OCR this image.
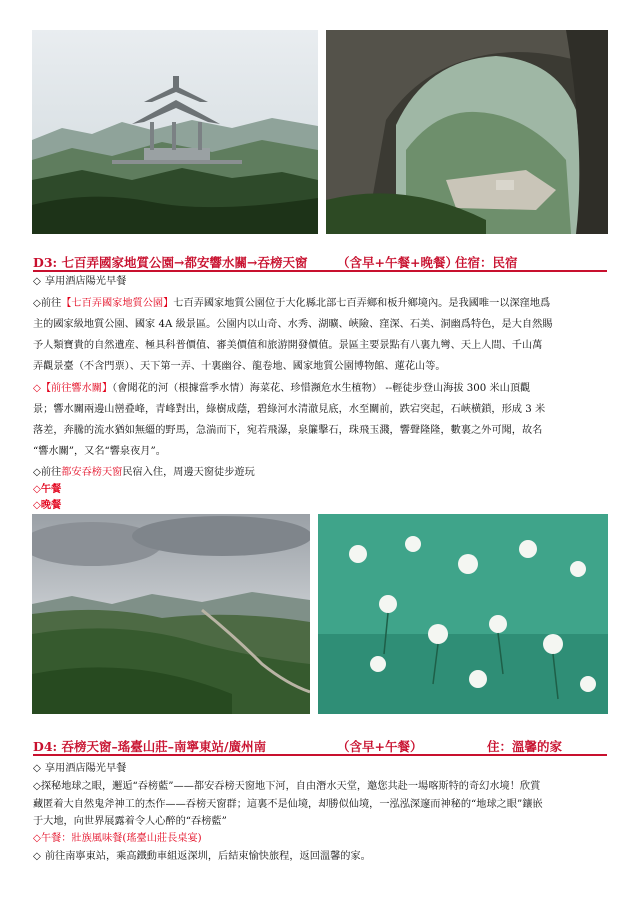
D3: 七百弄國家地質公園→都安響水關→吞榜天窗 （含早+午餐+晚餐）
住宿：民宿
◇ 享用酒店陽光早餐
◇前往【七百弄國家地質公園】七百弄國家地質公園位于大化縣北部七百弄鄉和板升鄉境內。是我國唯一以深窪地爲
主的國家級地質公園、國家 4A 級景區。公園内以山奇、水秀、湖曠、峽險、窪深、石美、洞幽爲特色，是大自然賜
予人類寶貴的自然遺産、極具科普價值、審美價值和旅游開發價值。景區主要景點有八裏九彎、天上人間、千山萬
弄觀景臺（不含門票）、天下第一弄、十裏幽谷、龍卷地、國家地質公園博物館、蓮花山等。
◇【前往響水關】（會聞花的河（根據當季水情）海菜花、珍惜瀕危水生植物） --輕徒步登山海拔 300 米山頂觀
景；響水關兩邊山巒叠峰，青峰對出，綠樹成蔭，碧綠河水清澈見底，水至關前，跌宕突起，石峽横鎖，形成 3 米
落差，奔騰的流水猶如無繮的野馬，急湍而下，宛若飛瀑，泉簾擊石，珠飛玉濺，響聲隆隆，數裏之外可聞，故名
“響水關”，又名“響泉夜月”。
◇前往都安吞榜天窗民宿入住，周邊天窗徒步遊玩
◇午餐
◇晚餐
D4: 吞榜天窗–瑤臺山莊–南寧東站/廣州南	（含早+午餐）	住：溫馨的家
◇ 享用酒店陽光早餐
◇探秘地球之眼，邂逅“吞榜藍”——都安吞榜天窗地下河，自由潛水天堂，邀您共赴一場喀斯特的奇幻水境！欣賞
藏匿着大自然鬼斧神工的杰作——吞榜天窗群；這裏不是仙境，却勝似仙境，一泓泓深邃而神秘的“地球之眼”鑲嵌
于大地，向世界展露着令人心醉的“吞榜藍”
◇午餐：壯族風味餐(瑤臺山莊長桌宴)
◇ 前往南寧東站，乘高鐵動車組返深圳，后結束愉快旅程，返回溫馨的家。
